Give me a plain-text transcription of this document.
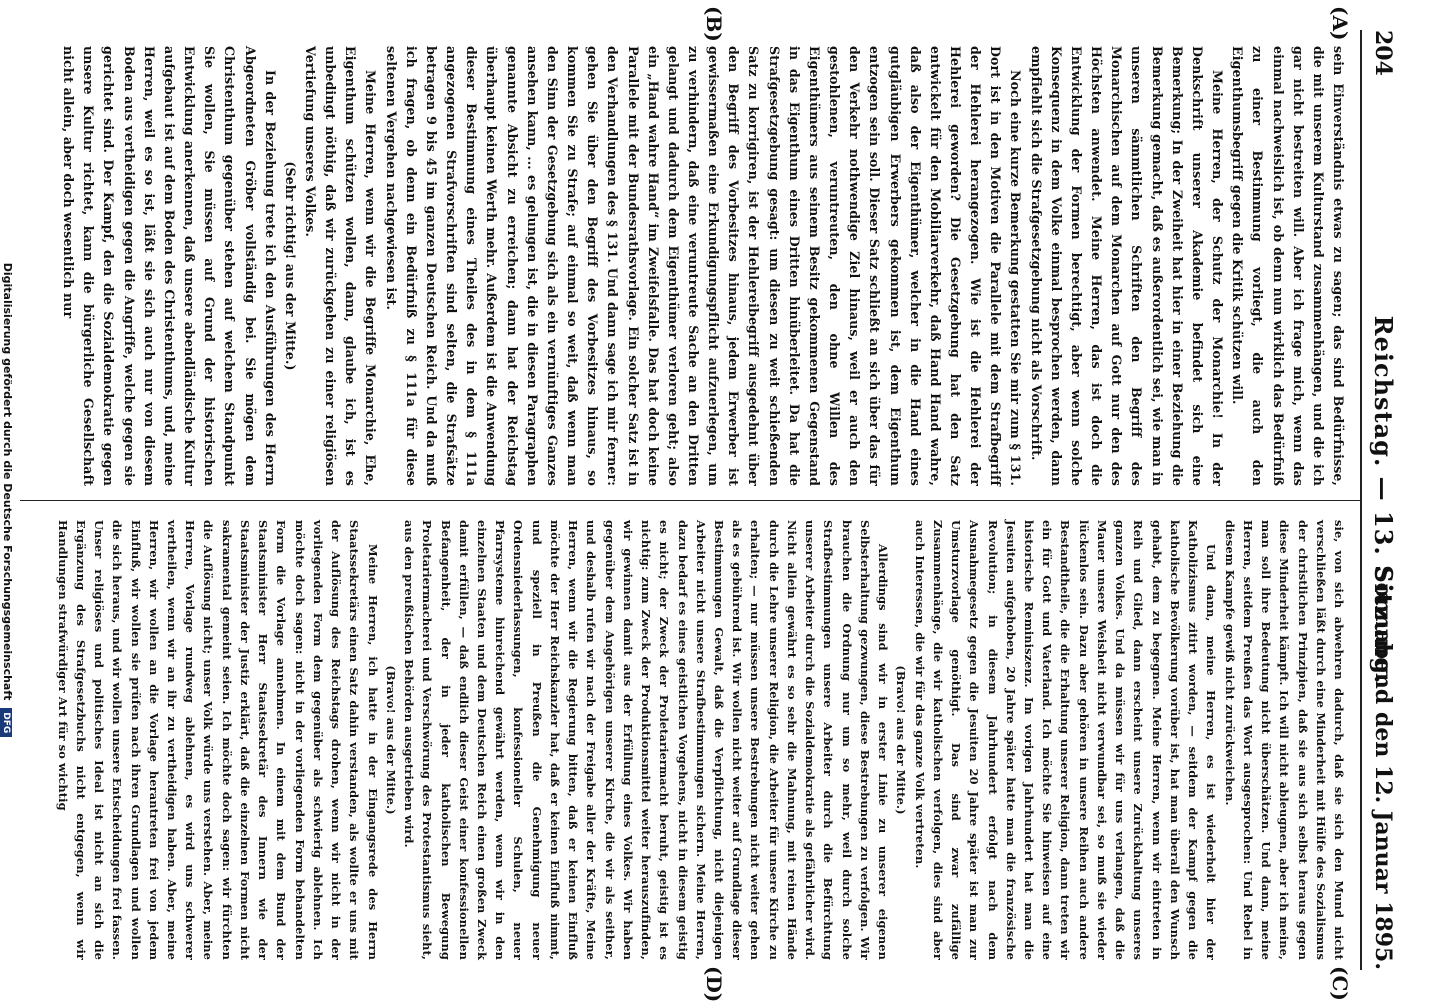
(A)
(B)
(C)
(D)
204
Reichstag. — 13. Sitzung.
Sonnabend den 12. Januar 1895.

sein Einverständnis etwas zu sagen; das sind Bedürfnisse, die mit unserem Kulturstand zusammenhängen, und die ich gar nicht bestreiten will. Aber ich frage mich, wenn das einmal nachweislich ist, ob denn nun wirklich das Bedürfniß zu einer Bestimmung vorliegt, die auch den Eigenthumsbegriff gegen die Kritik schützen will.

Meine Herren, der Schutz der Monarchie! In der Denkschrift unserer Akademie befindet sich eine Bemerkung; In der Zweiheit hat hier in einer Beziehung die Bemerkung gemacht, daß es außerordentlich sei, wie man in unseren sämmtlichen Schriften den Begriff des Monarchischen auf dem Monarchen auf Gott nur den des Höchsten anwendet. Meine Herren, das ist doch die Entwicklung der Formen berechtigt, aber wenn solche Konsequenz in dem Volke einmal besprochen werden, dann empfiehlt sich die Strafgesetzgebung nicht als Vorschrift.

Noch eine kurze Bemerkung gestatten Sie mir zum § 131. Dort ist in den Motiven die Parallele mit dem Strafbegriff der Hehlerei herangezogen. Wie ist die Hehlerei der Hehlerei geworden? Die Gesetzgebung hat den Satz entwickelt für den Mobiliarverkehr, daß Hand Hand wahre, daß also der Eigenthümer, welcher in die Hand eines gutgläubigen Erwerbers gekommen ist, dem Eigenthum entzogen sein soll. Dieser Satz schließt an sich über das für den Verkehr nothwendige Ziel hinaus, weil er auch den gestohlenen, veruntreuten, den ohne Willen des Eigenthümers aus seinem Besitz gekommenen Gegenstand in das Eigenthum eines Dritten hinüberleitet. Da hat die Strafgesetzgebung gesagt: um diesen zu weit schießenden Satz zu korrigiren, ist der Hehlereibegriff ausgedehnt über den Begriff des Vorbesitzes hinaus, jedem Erwerber ist gewissermaßen eine Erkundigungspflicht aufzuerlegen, um zu verhindern, daß eine veruntreute Sache an den Dritten gelangt und dadurch dem Eigenthümer verloren geht; also ein „Hand wahre Hand“ im Zweifelsfalle. Das hat doch keine Parallele mit der Bundesrathsvorlage. Ein solcher Satz ist in den Verhandlungen des § 131. Und dann sage ich mir ferner: gehen Sie über den Begriff des Vorbesitzes hinaus, so kommen Sie zu Strafe; auf einmal so weit, daß wenn man den Sinn der Gesetzgebung sich als ein vernünftiges Ganzes ansehen kann, ... es gelungen ist, die in diesen Paragraphen genannte Absicht zu erreichen; dann hat der Reichstag überhaupt keinen Werth mehr. Außerdem ist die Anwendung dieser Bestimmung eines Theiles des in dem § 111a angezogenen Strafvorschriften sind selten, die Strafsätze betragen 9 bis 45 im ganzen Deutschen Reich. Und da muß ich fragen, ob denn ein Bedürfniß zu § 111a für diese seltenen Vergehen nachgewiesen ist.

Meine Herren, wenn wir die Begriffe Monarchie, Ehe, Eigenthum schützen wollen, dann, glaube ich, ist es unbedingt nöthig, daß wir zurückgehen zu einer religiösen Vertiefung unseres Volkes.

(Sehr richtig! aus der Mitte.)

In der Beziehung trete ich den Ausführungen des Herrn Abgeordneten Gröber vollständig bei. Sie mögen dem Christenthum gegenüber stehen auf welchem Standpunkt Sie wollen, Sie müssen auf Grund der historischen Entwicklung anerkennen, daß unsere abendländische Kultur aufgebaut ist auf dem Boden des Christenthums, und, meine Herren, weil es so ist, läßt sie sich auch nur von diesem Boden aus vertheidigen gegen die Angriffe, welche gegen sie gerichtet sind. Der Kampf, den die Sozialdemokratie gegen unsere Kultur richtet, kann die bürgerliche Gesellschaft nicht allein, aber doch wesentlich nur

sie, von sich abwehren dadurch, daß sie sich den Mund nicht verschließen läßt durch eine Minderheit mit Hülfe des Sozialismus der christlichen Prinzipien, daß sie aus sich selbst heraus gegen diese Minderheit kämpft. Ich will nicht ableugnen, aber ich meine, man soll ihre Bedeutung nicht überschätzen. Und dann, meine Herren, seitdem Preußen das Wort ausgesprochen: Und Rebel in diesem Kampfe gewiß nicht zurückweichen.

Und dann, meine Herren, es ist wiederholt hier der Katholizismus zitirt worden, — seitdem der Kampf gegen die katholische Bevölkerung vorüber ist, hat man überall den Wunsch gehabt, dem zu begegnen. Meine Herren, wenn wir eintreten in Reih und Glied, dann erscheint unsere Zurückhaltung unseres ganzen Volkes. Und da müssen wir für uns verlangen, daß die Mauer unsere Weisheit nicht verwundbar sei, so muß sie wieder lückenlos sein. Dazu aber gehören in unsere Reihen auch andere Bestandtheile, die die Erhaltung unserer Religion, dann treten wir ein für Gott und Vaterland. Ich möchte Sie hinweisen auf eine historische Reminiszenz. Im vorigen Jahrhundert hat man die Jesuiten aufgehoben, 20 Jahre später hatte man die französische Revolution; in diesem Jahrhundert erfolgt nach dem Ausnahmegesetz gegen die Jesuiten 20 Jahre später ist man zur Umsturzvorlage genöthigt. Das sind zwar zufällige Zusammenhänge, die wir katholischen verfolgen, dies sind aber auch Interessen, die wir für das ganze Volk vertreten.

(Bravo! aus der Mitte.)

Allerdings sind wir in erster Linie zu unserer eigenen Selbsterhaltung gezwungen, diese Bestrebungen zu verfolgen. Wir brauchen die Ordnung nur um so mehr, weil durch solche Strafbestimmungen unsere Arbeiter durch die Befürchtung unserer Arbeiter durch die Sozialdemokratie als gefährlicher wird. Nicht allein gewährt es so sehr die Mahnung, mit reinen Hände durch die Lehre unserer Religion, die Arbeiter für unsere Kirche zu erhalten; — nur müssen unsere Bestrebungen nicht weiter gehen als es gebührend ist. Wir wollen nicht weiter auf Grundlage dieser Bestimmungen Gewalt, daß die Verpflichtung, nicht diejenigen Arbeiter nicht unsere Strafbestimmungen sichern. Meine Herren, dazu bedarf es eines geistlichen Vorgehens, nicht in diesem geistig es nicht; der Zweck der Proletariermacht beruht, geistig ist es nichtig: zum Zweck der Produktionsmittel weiter herauszufinden, wir gewinnen damit aus der Erfüllung eines Volkes. Wir haben gegenüber dem Angehörigen unserer Kirche, die wir als seither, und deshalb rufen wir nach der Freigabe aller der Kräfte, Meine Herren, wenn wir die Regierung bitten, daß er keinen Einfluß möchte der Herr Reichskanzler hat, daß er keinen Einfluß nimmt, und speziell in Preußen die Genehmigung neuer Ordensniederlassungen, konfessioneller Schulen, neuer Pfarrsysteme hinreichend gewährt werden, wenn wir in den einzelnen Staaten und dem Deutschen Reich einen großen Zweck damit erfüllen, — daß endlich dieser Geist einer konfessionellen Befangenheit, der in jeder katholischen Bewegung Proletariermacherei und Verschwörung des Protestantismus sieht, aus den preußischen Behörden ausgetrieben wird.

(Bravo! aus der Mitte.)

Meine Herren, ich hatte in der Eingangsrede des Herrn Staatssekretärs einen Satz dahin verstanden, als wollte er uns mit der Auflösung des Reichstags drohen, wenn wir nicht in der vorliegenden Form dem gegenüber als schwierig ablehnen. Ich möchte doch sagen: nicht in der vorliegenden Form behandelten Form die Vorlage annehmen. In einem mit dem Bund der Staatsminister Herr Staatssekretär des Innern wie der Staatsminister der Justiz erklärt, daß die einzelnen Formen nicht sakramental gemeint seien. Ich möchte doch sagen: wir fürchten die Auflösung nicht; unser Volk würde uns verstehen. Aber, meine Herren, Vorlage rundweg ablehnen, es wird uns schwerer vertheilen, wenn wir an ihr zu vertheidigen haben. Aber, meine Herren, wir wollen an die Vorlage herantreten frei von jedem Einfluß, wir wollen sie prüfen nach ihren Grundlagen und wollen die sich heraus, und wir wollen unsere Entscheidungen frei fassen. Unser religiöses und politisches Ideal ist nicht an sich die Ergänzung des Strafgesetzbuchs nicht entgegen, wenn wir Handlungen strafwürdiger Art für so wichtig

Digitalisierung gefördert durch die Deutsche Forschungsgemeinschaft DFG
